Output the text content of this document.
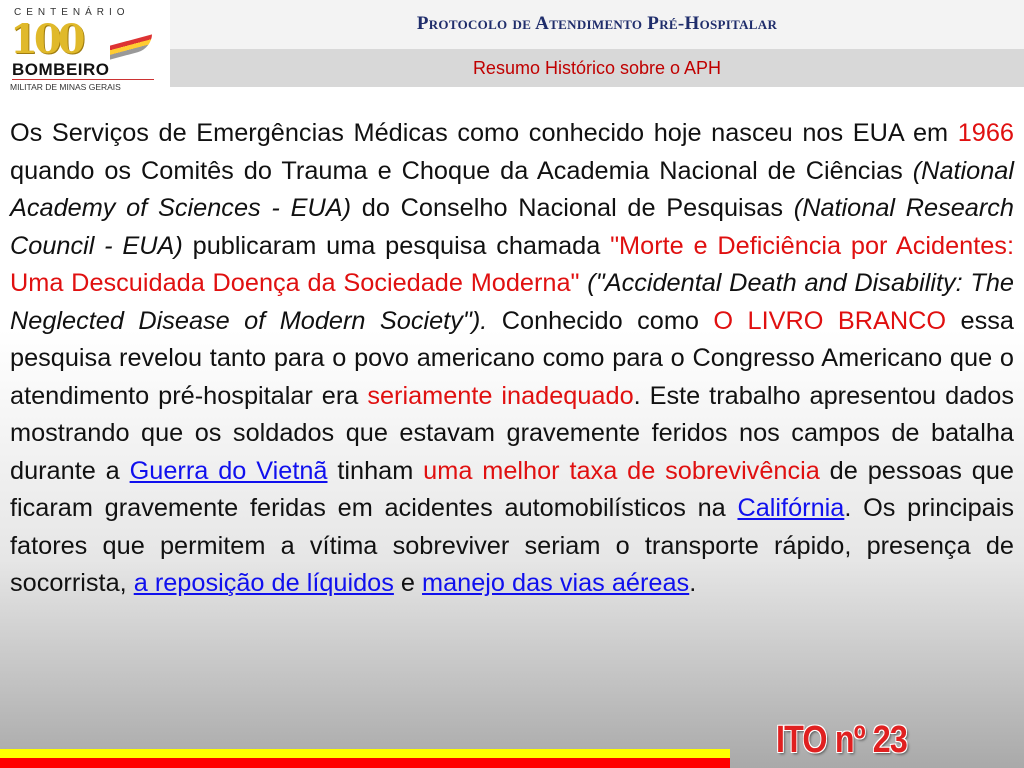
CENTENÁRIO
100
BOMBEIRO
MILITAR DE MINAS GERAIS
Protocolo de Atendimento Pré-Hospitalar
Resumo Histórico sobre o APH
Os Serviços de Emergências Médicas como conhecido hoje nasceu nos EUA em 1966 quando os Comitês do Trauma e Choque da Academia Nacional de Ciências (National Academy of Sciences - EUA) do Conselho Nacional de Pesquisas (National Research Council - EUA) publicaram uma pesquisa chamada "Morte e Deficiência por Acidentes: Uma Descuidada Doença da Sociedade Moderna" ("Accidental Death and Disability: The Neglected Disease of Modern Society"). Conhecido como O LIVRO BRANCO essa pesquisa revelou tanto para o povo americano como para o Congresso Americano que o atendimento pré-hospitalar era seriamente inadequado. Este trabalho apresentou dados mostrando que os soldados que estavam gravemente feridos nos campos de batalha durante a Guerra do Vietnã tinham uma melhor taxa de sobrevivência de pessoas que ficaram gravemente feridas em acidentes automobilísticos na Califórnia. Os principais fatores que permitem a vítima sobreviver seriam o transporte rápido, presença de socorrista, a reposição de líquidos e manejo das vias aéreas.
ITO nº 23
